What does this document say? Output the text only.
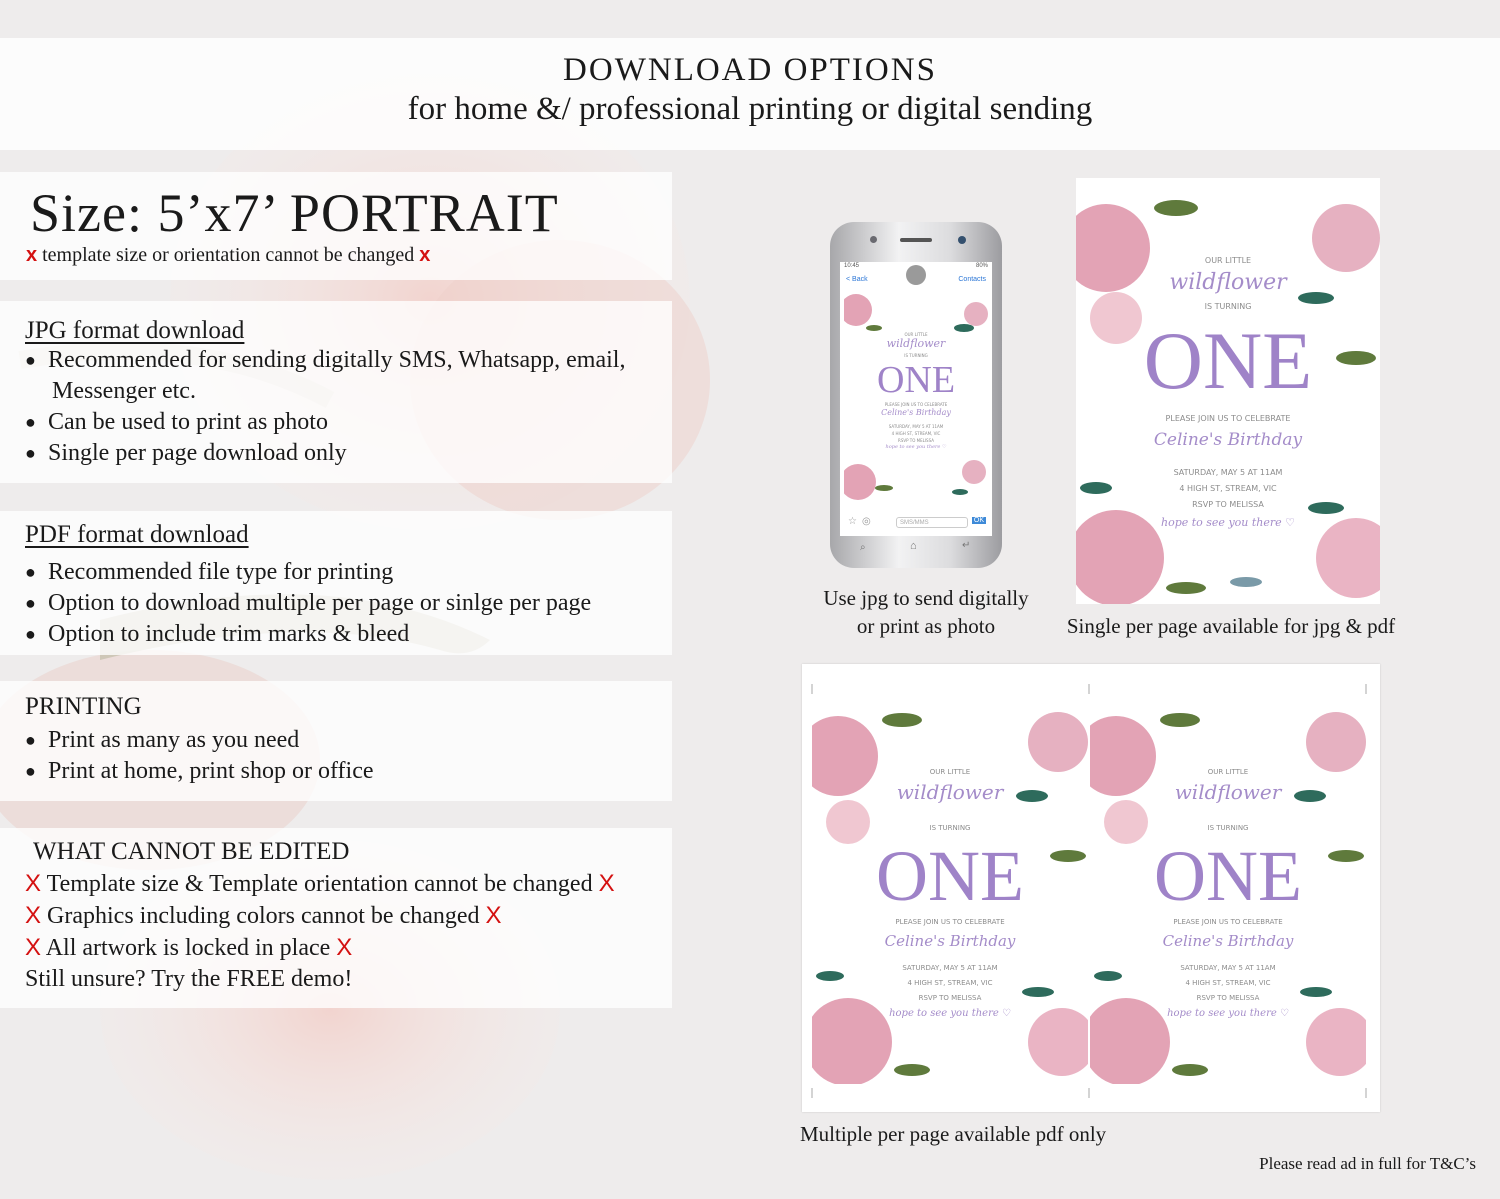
DOWNLOAD OPTIONS
for home &/ professional printing or digital sending
Size: 5’x7’ PORTRAIT
x template size or orientation cannot be changed x
JPG format download
● Recommended for sending digitally SMS, Whatsapp, email,
Messenger etc.
● Can be used to print as photo
● Single per page download only
PDF format download
● Recommended file type for printing
● Option to download multiple per page or sinlge per page
● Option to include trim marks & bleed
PRINTING
● Print as many as you need
● Print at home, print shop or office
WHAT CANNOT BE EDITED
X Template size & Template orientation cannot be changed X
X Graphics including colors cannot be changed X
X All artwork is locked in place X
Still unsure? Try the FREE demo!
10:45	80%
< Back	Contacts
OUR LITTLE
wildflower
IS TURNING
ONE
PLEASE JOIN US TO CELEBRATE
Celine's Birthday
SATURDAY, MAY 5 AT 11AM
4 HIGH ST, STREAM, VIC
RSVP TO MELISSA
hope to see you there ♡
☆ ◎	SMS/MMS	OK
⌕	⌂	↵
Use jpg to send digitally
or print as photo
OUR LITTLE
wildflower
IS TURNING
ONE
PLEASE JOIN US TO CELEBRATE
Celine's Birthday
SATURDAY, MAY 5 AT 11AM
4 HIGH ST, STREAM, VIC
RSVP TO MELISSA
hope to see you there ♡
Single per page available for jpg & pdf
OUR LITTLE
wildflower
IS TURNING
ONE
PLEASE JOIN US TO CELEBRATE
Celine's Birthday
SATURDAY, MAY 5 AT 11AM
4 HIGH ST, STREAM, VIC
RSVP TO MELISSA
hope to see you there ♡
OUR LITTLE
wildflower
IS TURNING
ONE
PLEASE JOIN US TO CELEBRATE
Celine's Birthday
SATURDAY, MAY 5 AT 11AM
4 HIGH ST, STREAM, VIC
RSVP TO MELISSA
hope to see you there ♡
Multiple per page available pdf only
Please read ad in full for T&C’s
